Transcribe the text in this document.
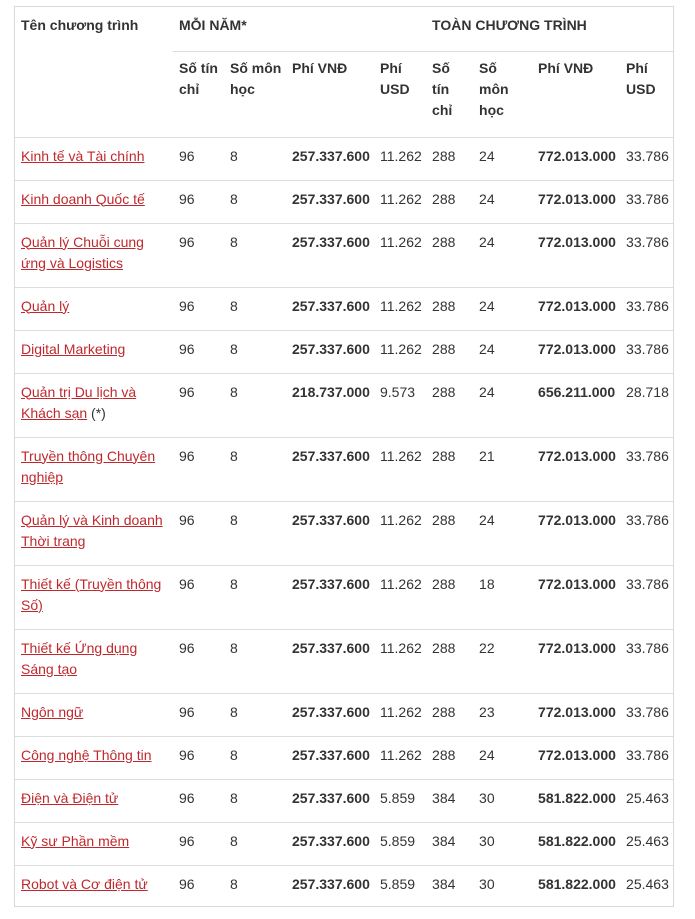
Tên chương trình	MỖI NĂM*				TOÀN CHƯƠNG TRÌNH			
	Số tín chỉ	Số môn học	Phí VNĐ	Phí USD	Số tín chỉ	Số môn học	Phí VNĐ	Phí USD
Kinh tế và Tài chính	96	8	257.337.600	11.262	288	24	772.013.000	33.786
Kinh doanh Quốc tế	96	8	257.337.600	11.262	288	24	772.013.000	33.786
Quản lý Chuỗi cung ứng và Logistics	96	8	257.337.600	11.262	288	24	772.013.000	33.786
Quản lý	96	8	257.337.600	11.262	288	24	772.013.000	33.786
Digital Marketing	96	8	257.337.600	11.262	288	24	772.013.000	33.786
Quản trị Du lịch và Khách sạn (*)	96	8	218.737.000	9.573	288	24	656.211.000	28.718
Truyền thông Chuyên nghiệp	96	8	257.337.600	11.262	288	21	772.013.000	33.786
Quản lý và Kinh doanh Thời trang	96	8	257.337.600	11.262	288	24	772.013.000	33.786
Thiết kế (Truyền thông Số)	96	8	257.337.600	11.262	288	18	772.013.000	33.786
Thiết kế Ứng dụng Sáng tạo	96	8	257.337.600	11.262	288	22	772.013.000	33.786
Ngôn ngữ	96	8	257.337.600	11.262	288	23	772.013.000	33.786
Công nghệ Thông tin	96	8	257.337.600	11.262	288	24	772.013.000	33.786
Điện và Điện tử	96	8	257.337.600	5.859	384	30	581.822.000	25.463
Kỹ sư Phần mềm	96	8	257.337.600	5.859	384	30	581.822.000	25.463
Robot và Cơ điện tử	96	8	257.337.600	5.859	384	30	581.822.000	25.463
